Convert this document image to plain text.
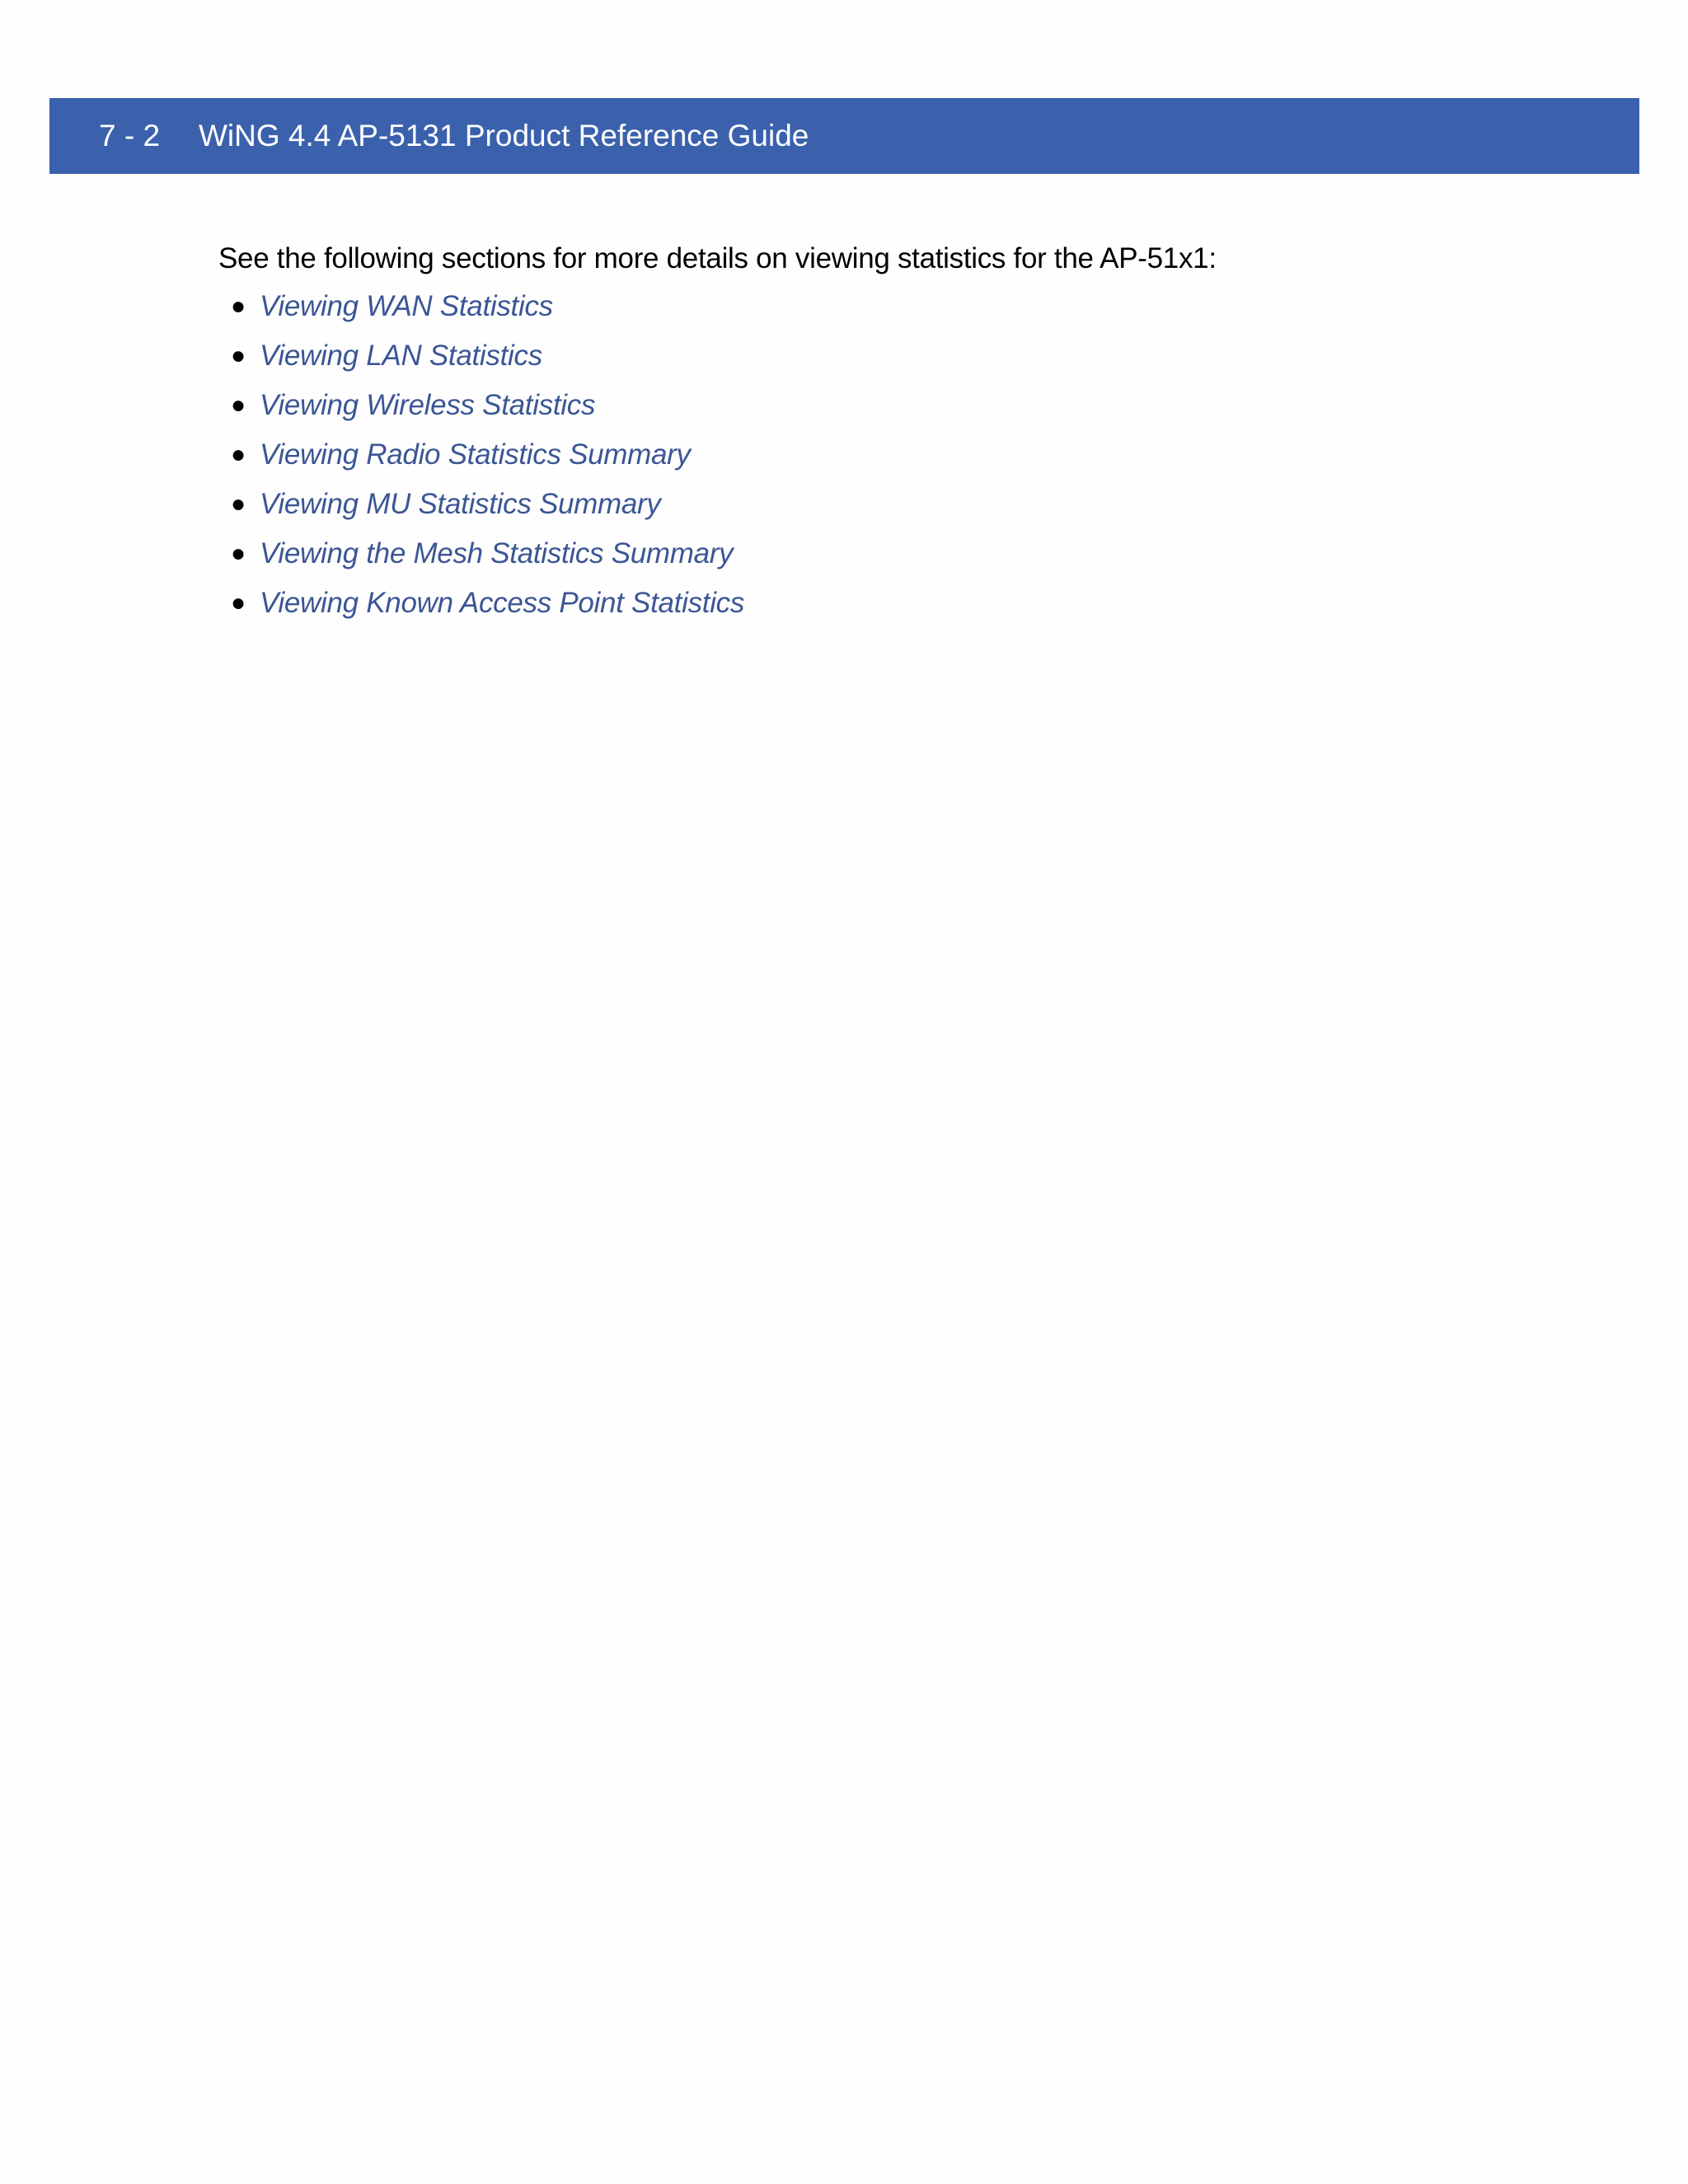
7 - 2 WiNG 4.4 AP-5131 Product Reference Guide

See the following sections for more details on viewing statistics for the AP-51x1:

● Viewing WAN Statistics
● Viewing LAN Statistics
● Viewing Wireless Statistics
● Viewing Radio Statistics Summary
● Viewing MU Statistics Summary
● Viewing the Mesh Statistics Summary
● Viewing Known Access Point Statistics
